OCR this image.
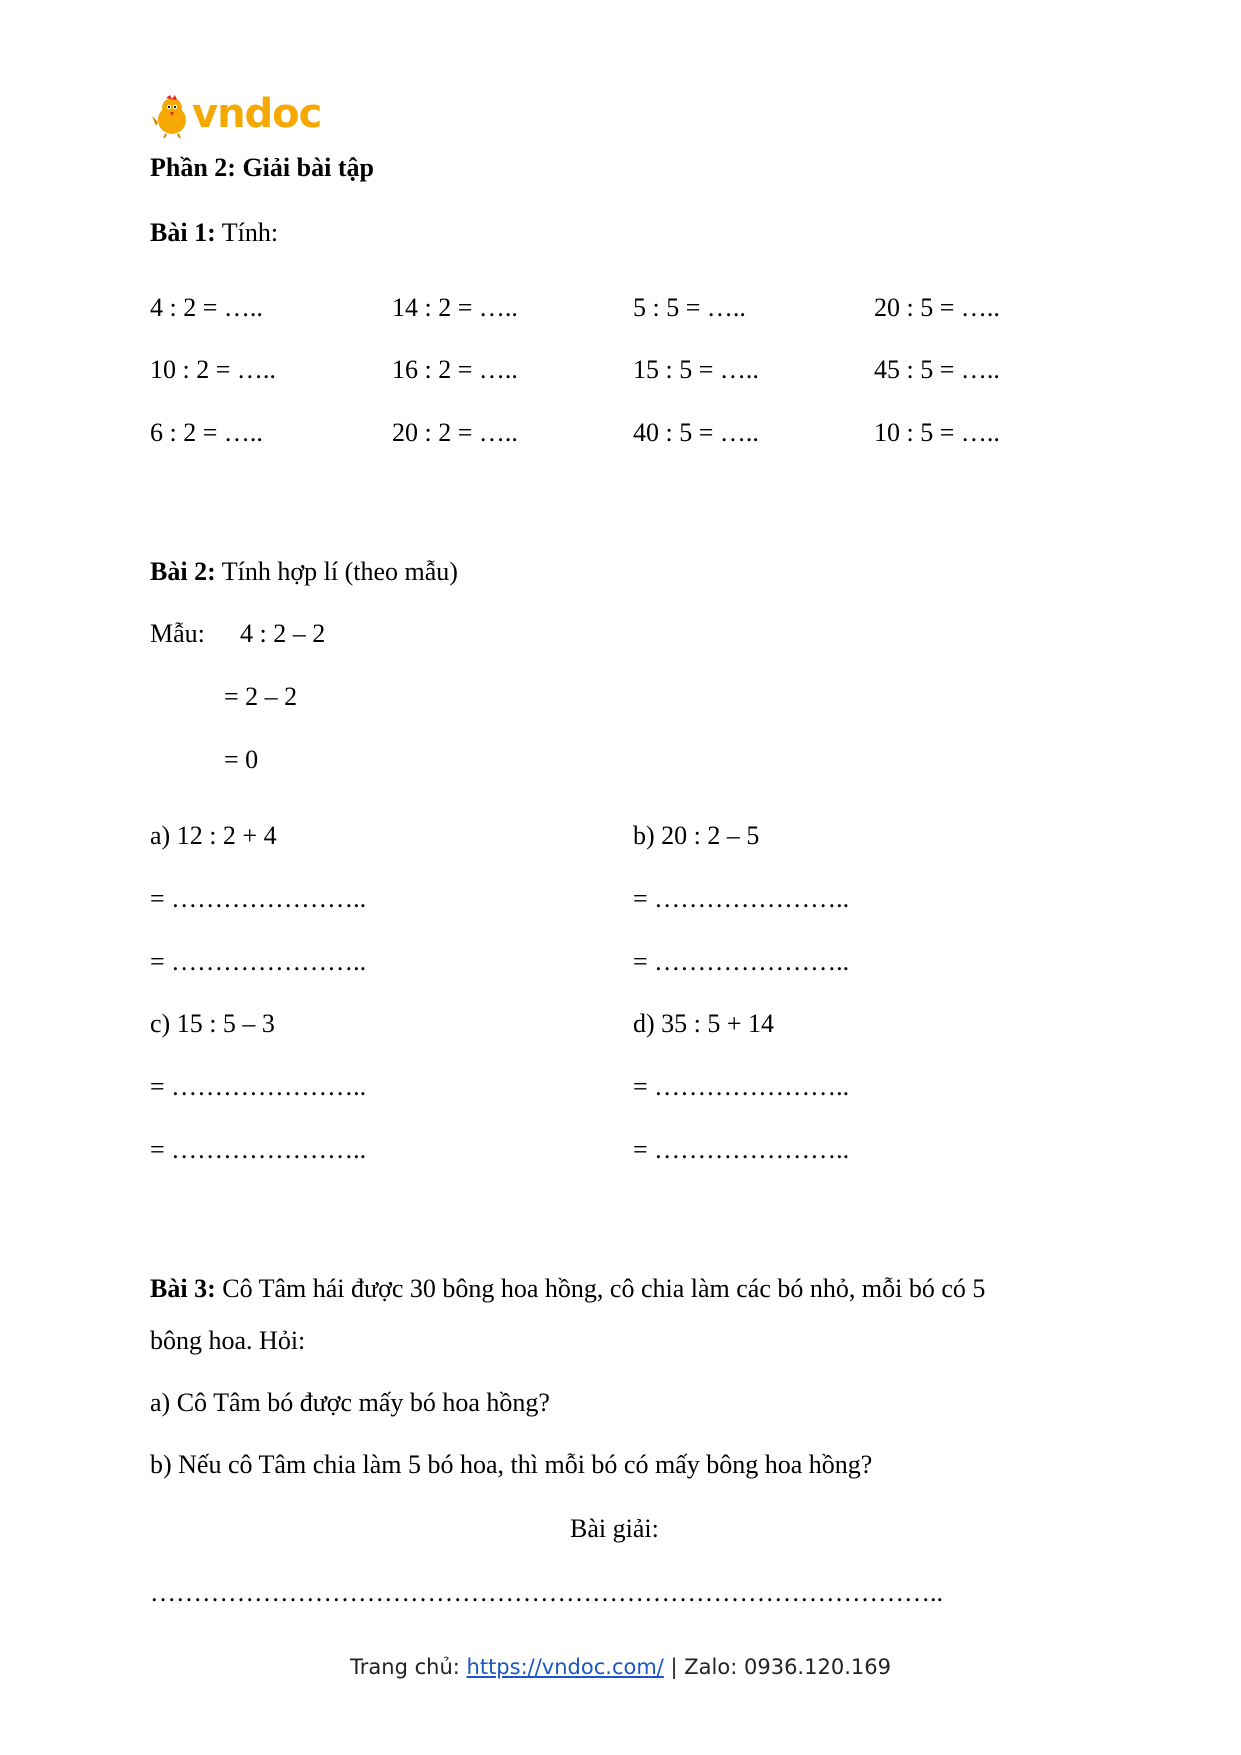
vndoc
Phần 2: Giải bài tập
Bài 1: Tính:
4 : 2 = …..	14 : 2 = …..	5 : 5 = …..	20 : 5 = …..
10 : 2 = …..	16 : 2 = …..	15 : 5 = …..	45 : 5 = …..
6 : 2 = …..	20 : 2 = …..	40 : 5 = …..	10 : 5 = …..
Bài 2: Tính hợp lí (theo mẫu)
Mẫu: 4 : 2 – 2
= 2 – 2
= 0
a) 12 : 2 + 4
= …………………..
= …………………..
b) 20 : 2 – 5
= …………………..
= …………………..
c) 15 : 5 – 3
= …………………..
= …………………..
d) 35 : 5 + 14
= …………………..
= …………………..
Bài 3: Cô Tâm hái được 30 bông hoa hồng, cô chia làm các bó nhỏ, mỗi bó có 5
bông hoa. Hỏi:
a) Cô Tâm bó được mấy bó hoa hồng?
b) Nếu cô Tâm chia làm 5 bó hoa, thì mỗi bó có mấy bông hoa hồng?
Bài giải:
………………………………………………………………………………..
Trang chủ: https://vndoc.com/ | Zalo: 0936.120.169
